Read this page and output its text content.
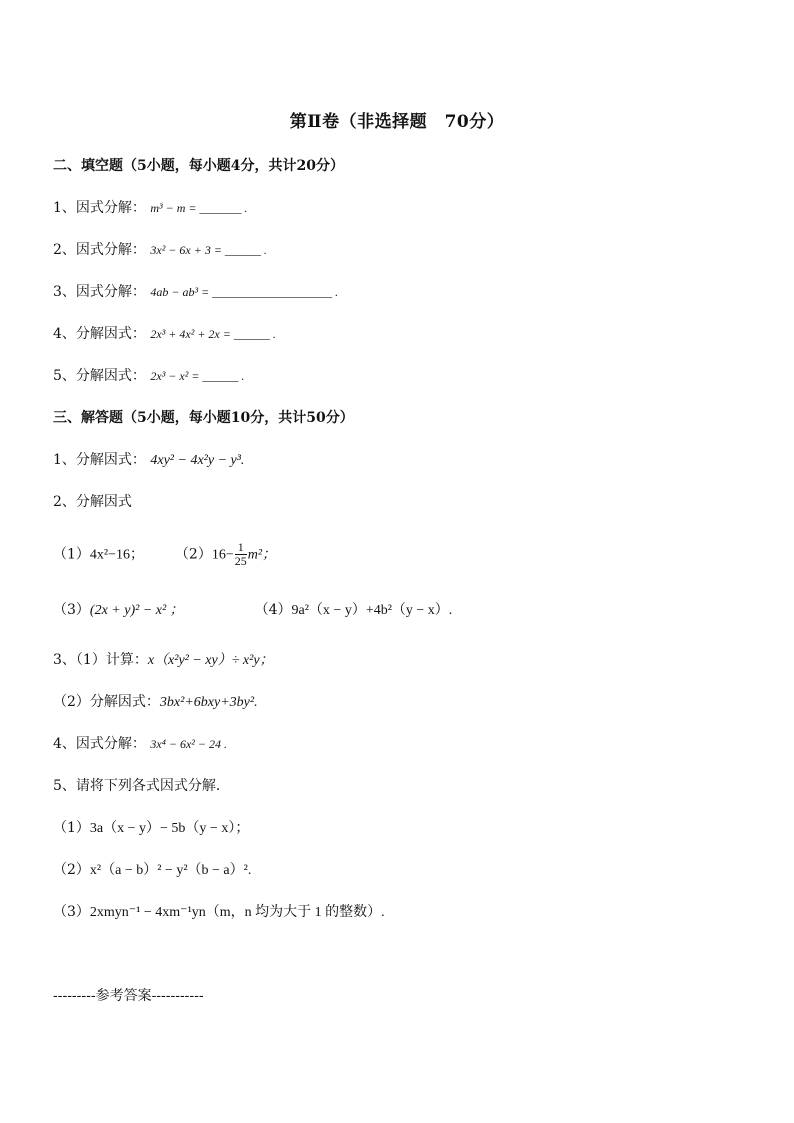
第Ⅱ卷（非选择题　70分）
二、填空题（5小题，每小题4分，共计20分）
1、因式分解： m³ − m = _______ .
2、因式分解： 3x² − 6x + 3 = ______ .
3、因式分解： 4ab − ab³ = ____________________ .
4、分解因式： 2x³ + 4x² + 2x = ______ .
5、分解因式： 2x³ − x² = ______ .
三、解答题（5小题，每小题10分，共计50分）
1、分解因式： 4xy² − 4x²y − y³.
2、分解因式
（1）4x²−16； $(2)16- \frac{1}{25} m^2$；
（3）(2x + y)² − x² ；	（4）9a²（x − y）+4b²（y − x）.
3、（1）计算：x（x²y² − xy）÷ x²y；
（2）分解因式：3bx²+6bxy+3by².
4、因式分解： 3x⁴ − 6x² − 24 .
5、请将下列各式因式分解．
（1）3a（x − y）− 5b（y − x）；
（2）x²（a − b）² − y²（b − a）².
（3）2xmyn⁻¹ − 4xm⁻¹yn（m，n 均为大于 1 的整数）.
---------参考答案-----------
